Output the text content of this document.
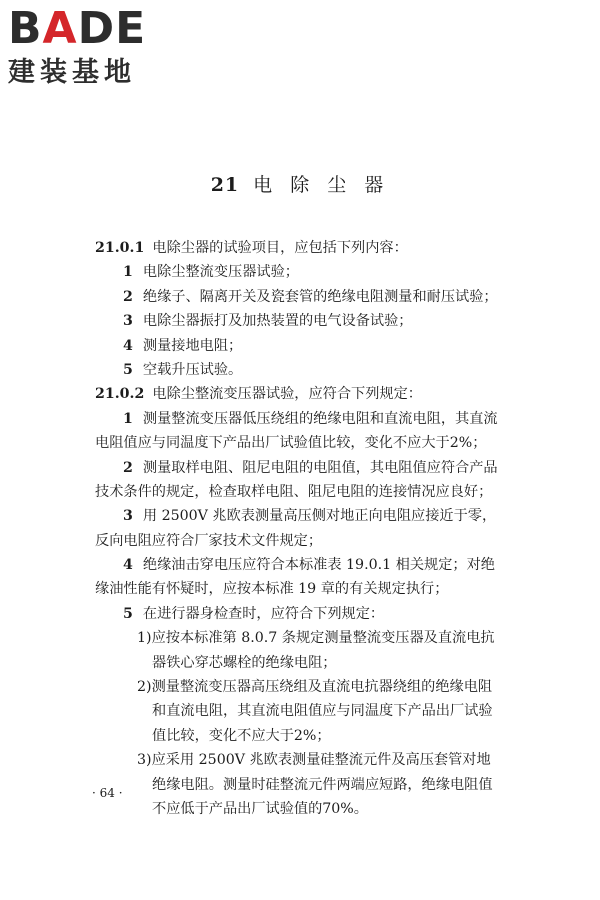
BADE
建装基地
21 电 除 尘 器
21.0.1 电除尘器的试验项目，应包括下列内容：
1 电除尘整流变压器试验；
2 绝缘子、隔离开关及瓷套管的绝缘电阻测量和耐压试验；
3 电除尘器振打及加热装置的电气设备试验；
4 测量接地电阻；
5 空载升压试验。
21.0.2 电除尘整流变压器试验，应符合下列规定：
1 测量整流变压器低压绕组的绝缘电阻和直流电阻，其直流
电阻值应与同温度下产品出厂试验值比较，变化不应大于2%；
2 测量取样电阻、阻尼电阻的电阻值，其电阻值应符合产品
技术条件的规定，检查取样电阻、阻尼电阻的连接情况应良好；
3 用 2500V 兆欧表测量高压侧对地正向电阻应接近于零，
反向电阻应符合厂家技术文件规定；
4 绝缘油击穿电压应符合本标准表 19.0.1 相关规定；对绝
缘油性能有怀疑时，应按本标准 19 章的有关规定执行；
5 在进行器身检查时，应符合下列规定：
1)应按本标准第 8.0.7 条规定测量整流变压器及直流电抗
器铁心穿芯螺栓的绝缘电阻；
2)测量整流变压器高压绕组及直流电抗器绕组的绝缘电阻
和直流电阻，其直流电阻值应与同温度下产品出厂试验
值比较，变化不应大于2%；
3)应采用 2500V 兆欧表测量硅整流元件及高压套管对地
绝缘电阻。测量时硅整流元件两端应短路，绝缘电阻值
不应低于产品出厂试验值的70%。
· 64 ·
